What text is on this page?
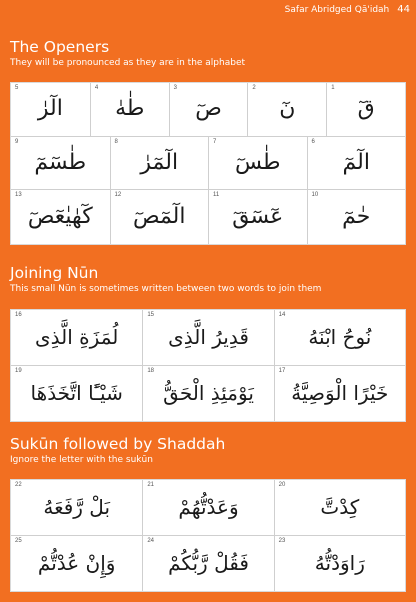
Safar Abridged Qā'idah 44
The Openers
They will be pronounced as they are in the alphabet
1
قٓ
2
نٓ
3
صٓ
4
طٰهٰ
5
الٓرٰ
6
الٓمٓ
7
طٰسٓ
8
الٓمٓرٰ
9
طٰسٓمٓ
10
حٰمٓ
11
عٓسٓقٓ
12
الٓمٓصٓ
13
كٓهٰيٰعٓصٓ
Joining Nūn
This small Nūn is sometimes written between two words to join them
14
نُوحُ ابْنَهُ
15
قَدِيرُ الَّذِى
16
لُمَزَةِ الَّذِى
17
خَيْرًا الْوَصِيَّةُ
18
يَوْمَئِذِ الْحَقُّ
19
شَيْـًٔا اتَّخَذَهَا
Sukūn followed by Shaddah
Ignore the letter with the sukūn
20
كِدْتَّ
21
وَعَدْتُّهُمْ
22
بَلْ رَّفَعَهُ
23
رَاوَدْتُّهُ
24
فَقُلْ رَّبُّكُمْ
25
وَإِنْ عُدْتُّمْ
